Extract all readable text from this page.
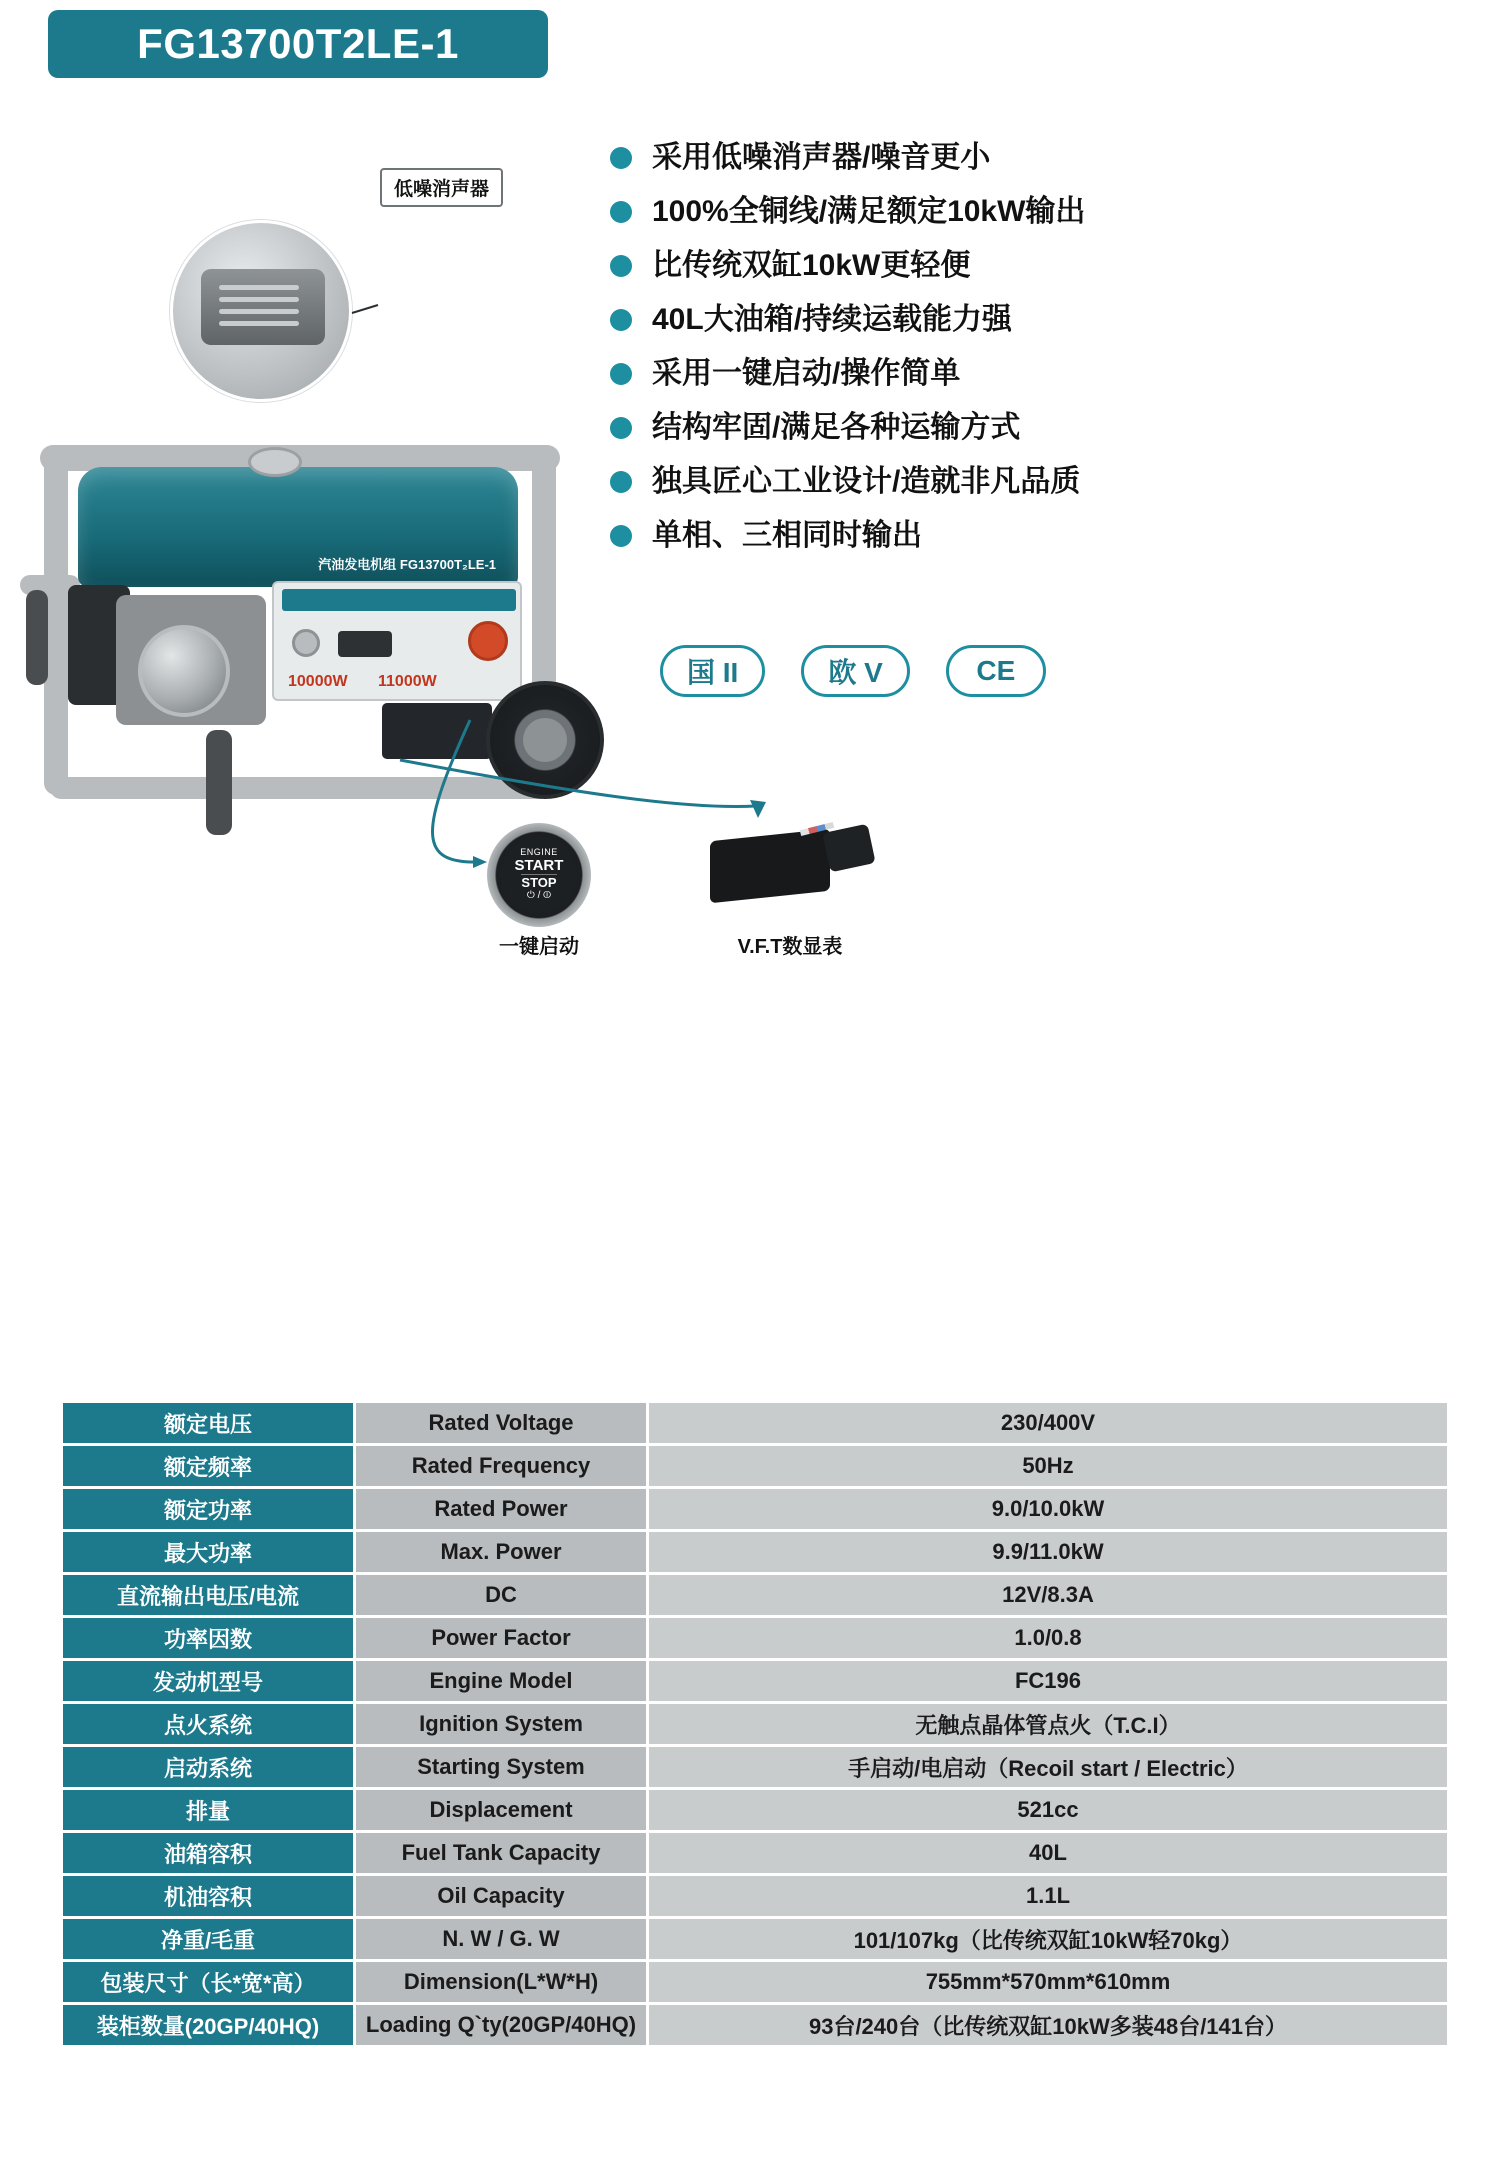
FG13700T2LE-1
汽油发电机组 FG13700T₂LE-1
10000W 11000W
低噪消声器
ENGINE
START
STOP
⏻ / ⏼
一键启动	V.F.T数显表
采用低噪消声器/噪音更小
100%全铜线/满足额定10kW输出
比传统双缸10kW更轻便
40L大油箱/持续运载能力强
采用一键启动/操作简单
结构牢固/满足各种运输方式
独具匠心工业设计/造就非凡品质
单相、三相同时输出
国 II	欧 V	CE
额定电压	Rated Voltage	230/400V
额定频率	Rated Frequency	50Hz
额定功率	Rated Power	9.0/10.0kW
最大功率	Max. Power	9.9/11.0kW
直流输出电压/电流	DC	12V/8.3A
功率因数	Power Factor	1.0/0.8
发动机型号	Engine Model	FC196
点火系统	Ignition System	无触点晶体管点火（T.C.I）
启动系统	Starting System	手启动/电启动（Recoil start / Electric）
排量	Displacement	521cc
油箱容积	Fuel Tank Capacity	40L
机油容积	Oil Capacity	1.1L
净重/毛重	N. W / G. W	101/107kg（比传统双缸10kW轻70kg）
包装尺寸（长*宽*高）	Dimension(L*W*H)	755mm*570mm*610mm
装柜数量(20GP/40HQ)	Loading Q`ty(20GP/40HQ)	93台/240台（比传统双缸10kW多装48台/141台）
